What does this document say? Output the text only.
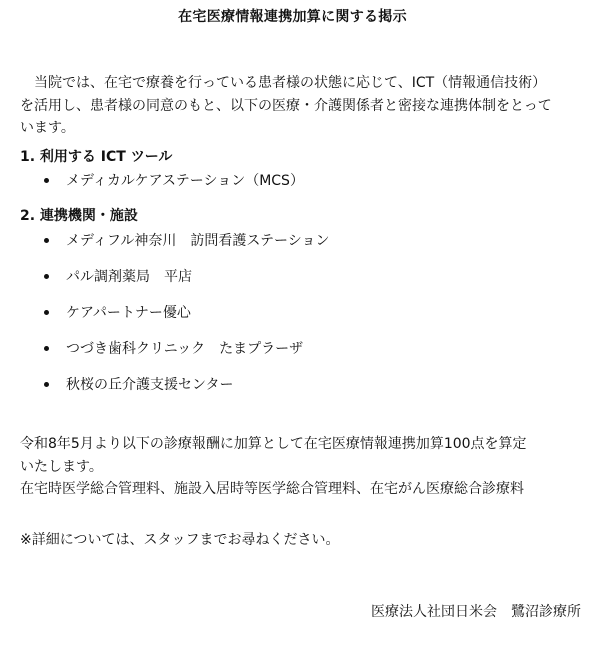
在宅医療情報連携加算に関する掲示
　当院では、在宅で療養を行っている患者様の状態に応じて、ICT（情報通信技術）
を活用し、患者様の同意のもと、以下の医療・介護関係者と密接な連携体制をとって
います。
1. 利用する ICT ツール
メディカルケアステーション（MCS）
2. 連携機関・施設
メディフル神奈川　訪問看護ステーション
パル調剤薬局　平店
ケアパートナー優心
つづき歯科クリニック　たまプラーザ
秋桜の丘介護支援センター
令和8年5月より以下の診療報酬に加算として在宅医療情報連携加算100点を算定
いたします。
在宅時医学総合管理料、施設入居時等医学総合管理料、在宅がん医療総合診療料
※詳細については、スタッフまでお尋ねください。
医療法人社団日米会　鷺沼診療所
